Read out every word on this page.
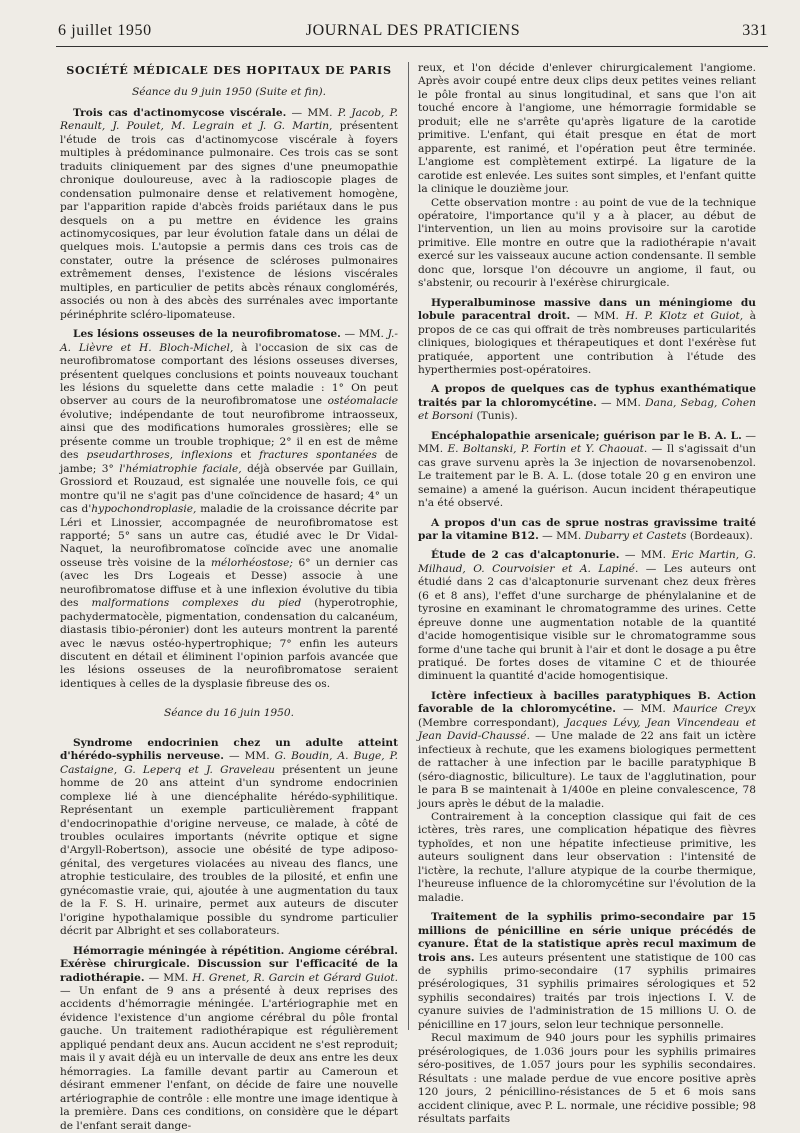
6 juillet 1950	JOURNAL DES PRATICIENS	331

SOCIÉTÉ MÉDICALE DES HOPITAUX DE PARIS

Séance du 9 juin 1950 (Suite et fin).

Trois cas d'actinomycose viscérale. — MM. P. Jacob, P. Renault, J. Poulet, M. Legrain et J. G. Martin, présentent l'étude de trois cas d'actinomycose viscérale à foyers multiples à prédominance pulmonaire. Ces trois cas se sont traduits cliniquement par des signes d'une pneumopathie chronique douloureuse, avec à la radioscopie plages de condensation pulmonaire dense et relativement homogène, par l'apparition rapide d'abcès froids pariétaux dans le pus desquels on a pu mettre en évidence les grains actinomycosiques, par leur évolution fatale dans un délai de quelques mois. L'autopsie a permis dans ces trois cas de constater, outre la présence de scléroses pulmonaires extrêmement denses, l'existence de lésions viscérales multiples, en particulier de petits abcès rénaux conglomérés, associés ou non à des abcès des surrénales avec importante périnéphrite scléro-lipomateuse.

Les lésions osseuses de la neurofibromatose. — MM. J.-A. Lièvre et H. Bloch-Michel, à l'occasion de six cas de neurofibromatose comportant des lésions osseuses diverses, présentent quelques conclusions et points nouveaux touchant les lésions du squelette dans cette maladie : 1° On peut observer au cours de la neurofibromatose une ostéomalacie évolutive; indépendante de tout neurofibrome intraosseux, ainsi que des modifications humorales grossières; elle se présente comme un trouble trophique; 2° il en est de même des pseudarthroses, inflexions et fractures spontanées de jambe; 3° l'hémiatrophie faciale, déjà observée par Guillain, Grossiord et Rouzaud, est signalée une nouvelle fois, ce qui montre qu'il ne s'agit pas d'une coïncidence de hasard; 4° un cas d'hypochondroplasie, maladie de la croissance décrite par Léri et Linossier, accompagnée de neurofibromatose est rapporté; 5° sans un autre cas, étudié avec le Dr Vidal-Naquet, la neurofibromatose coïncide avec une anomalie osseuse très voisine de la mélorhéostose; 6° un dernier cas (avec les Drs Logeais et Desse) associe à une neurofibromatose diffuse et à une inflexion évolutive du tibia des malformations complexes du pied (hyperotrophie, pachydermatocèle, pigmentation, condensation du calcanéum, diastasis tibio-péronier) dont les auteurs montrent la parenté avec le nævus ostéo-hypertrophique; 7° enfin les auteurs discutent en détail et éliminent l'opinion parfois avancée que les lésions osseuses de la neurofibromatose seraient identiques à celles de la dysplasie fibreuse des os.

Séance du 16 juin 1950.

Syndrome endocrinien chez un adulte atteint d'hérédo-syphilis nerveuse. — MM. G. Boudin, A. Buge, P. Castaigne, G. Leperq et J. Graveleau présentent un jeune homme de 20 ans atteint d'un syndrome endocrinien complexe lié à une diencéphalite hérédo-syphilitique. Représentant un exemple particulièrement frappant d'endocrinopathie d'origine nerveuse, ce malade, à côté de troubles oculaires importants (névrite optique et signe d'Argyll-Robertson), associe une obésité de type adiposo-génital, des vergetures violacées au niveau des flancs, une atrophie testiculaire, des troubles de la pilosité, et enfin une gynécomastie vraie, qui, ajoutée à une augmentation du taux de la F. S. H. urinaire, permet aux auteurs de discuter l'origine hypothalamique possible du syndrome particulier décrit par Albright et ses collaborateurs.

Hémorragie méningée à répétition. Angiome cérébral. Exérèse chirurgicale. Discussion sur l'efficacité de la radiothérapie. — MM. H. Grenet, R. Garcin et Gérard Guiot. — Un enfant de 9 ans a présenté à deux reprises des accidents d'hémorragie méningée. L'artériographie met en évidence l'existence d'un angiome cérébral du pôle frontal gauche. Un traitement radiothérapique est régulièrement appliqué pendant deux ans. Aucun accident ne s'est reproduit; mais il y avait déjà eu un intervalle de deux ans entre les deux hémorragies. La famille devant partir au Cameroun et désirant emmener l'enfant, on décide de faire une nouvelle artériographie de contrôle : elle montre une image identique à la première. Dans ces conditions, on considère que le départ de l'enfant serait dange-

reux, et l'on décide d'enlever chirurgicalement l'angiome. Après avoir coupé entre deux clips deux petites veines reliant le pôle frontal au sinus longitudinal, et sans que l'on ait touché encore à l'angiome, une hémorragie formidable se produit; elle ne s'arrête qu'après ligature de la carotide primitive. L'enfant, qui était presque en état de mort apparente, est ranimé, et l'opération peut être terminée. L'angiome est complètement extirpé. La ligature de la carotide est enlevée. Les suites sont simples, et l'enfant quitte la clinique le douzième jour.

Cette observation montre : au point de vue de la technique opératoire, l'importance qu'il y a à placer, au début de l'intervention, un lien au moins provisoire sur la carotide primitive. Elle montre en outre que la radiothérapie n'avait exercé sur les vaisseaux aucune action condensante. Il semble donc que, lorsque l'on découvre un angiome, il faut, ou s'abstenir, ou recourir à l'exérèse chirurgicale.

Hyperalbuminose massive dans un méningiome du lobule paracentral droit. — MM. H. P. Klotz et Guiot, à propos de ce cas qui offrait de très nombreuses particularités cliniques, biologiques et thérapeutiques et dont l'exérèse fut pratiquée, apportent une contribution à l'étude des hyperthermies post-opératoires.

A propos de quelques cas de typhus exanthématique traités par la chloromycétine. — MM. Dana, Sebag, Cohen et Borsoni (Tunis).

Encéphalopathie arsenicale; guérison par le B. A. L. — MM. E. Boltanski, P. Fortin et Y. Chaouat. — Il s'agissait d'un cas grave survenu après la 3e injection de novarsenobenzol. Le traitement par le B. A. L. (dose totale 20 g en environ une semaine) a amené la guérison. Aucun incident thérapeutique n'a été observé.

A propos d'un cas de sprue nostras gravissime traité par la vitamine B12. — MM. Dubarry et Castets (Bordeaux).

Étude de 2 cas d'alcaptonurie. — MM. Eric Martin, G. Milhaud, O. Courvoisier et A. Lapiné. — Les auteurs ont étudié dans 2 cas d'alcaptonurie survenant chez deux frères (6 et 8 ans), l'effet d'une surcharge de phénylalanine et de tyrosine en examinant le chromatogramme des urines. Cette épreuve donne une augmentation notable de la quantité d'acide homogentisique visible sur le chromatogramme sous forme d'une tache qui brunit à l'air et dont le dosage a pu être pratiqué. De fortes doses de vitamine C et de thiourée diminuent la quantité d'acide homogentisique.

Ictère infectieux à bacilles paratyphiques B. Action favorable de la chloromycétine. — MM. Maurice Creyx (Membre correspondant), Jacques Lévy, Jean Vincendeau et Jean David-Chaussé. — Une malade de 22 ans fait un ictère infectieux à rechute, que les examens biologiques permettent de rattacher à une infection par le bacille paratyphique B (séro-diagnostic, biliculture). Le taux de l'agglutination, pour le para B se maintenait à 1/400e en pleine convalescence, 78 jours après le début de la maladie.

Contrairement à la conception classique qui fait de ces ictères, très rares, une complication hépatique des fièvres typhoïdes, et non une hépatite infectieuse primitive, les auteurs soulignent dans leur observation : l'intensité de l'ictère, la rechute, l'allure atypique de la courbe thermique, l'heureuse influence de la chloromycétine sur l'évolution de la maladie.

Traitement de la syphilis primo-secondaire par 15 millions de pénicilline en série unique précédés de cyanure. État de la statistique après recul maximum de trois ans. Les auteurs présentent une statistique de 100 cas de syphilis primo-secondaire (17 syphilis primaires présérologiques, 31 syphilis primaires sérologiques et 52 syphilis secondaires) traités par trois injections I. V. de cyanure suivies de l'administration de 15 millions U. O. de pénicilline en 17 jours, selon leur technique personnelle.

Recul maximum de 940 jours pour les syphilis primaires présérologiques, de 1.036 jours pour les syphilis primaires séro-positives, de 1.057 jours pour les syphilis secondaires. Résultats : une malade perdue de vue encore positive après 120 jours, 2 pénicillino-résistances de 5 et 6 mois sans accident clinique, avec P. L. normale, une récidive possible; 98 résultats parfaits
